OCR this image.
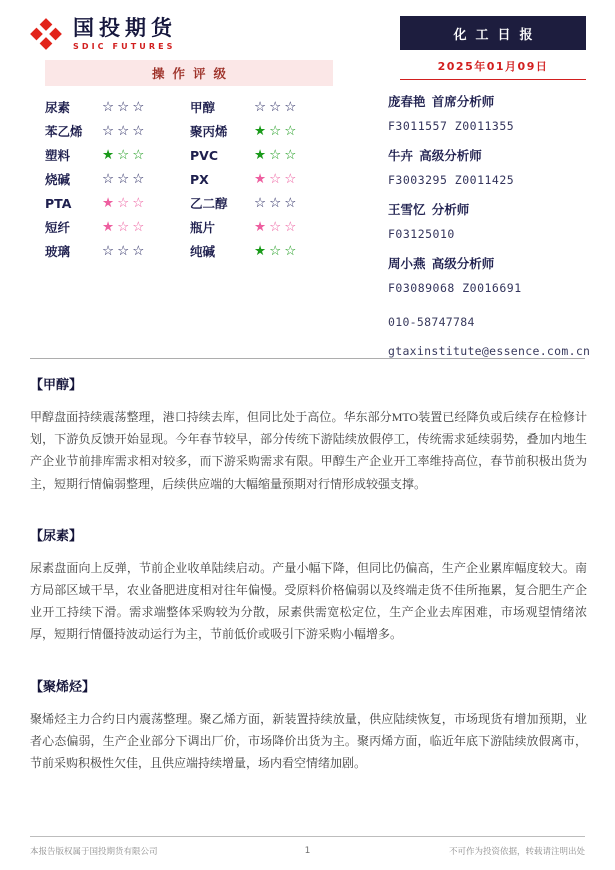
国投期货
SDIC FUTURES
化工日报
2025年01月09日
操作评级
尿素	☆☆☆	甲醇	☆☆☆
苯乙烯	☆☆☆	聚丙烯	★☆☆
塑料	★☆☆	PVC	★☆☆
烧碱	☆☆☆	PX	★☆☆
PTA	★☆☆	乙二醇	☆☆☆
短纤	★☆☆	瓶片	★☆☆
玻璃	☆☆☆	纯碱	★☆☆
庞春艳  首席分析师
F3011557 Z0011355
牛卉  高级分析师
F3003295 Z0011425
王雪忆  分析师
F03125010
周小燕  高级分析师
F03089068 Z0016691
010-58747784
gtaxinstitute@essence.com.cn
【甲醇】

甲醇盘面持续震荡整理，港口持续去库，但同比处于高位。华东部分MTO装置已经降负或后续存在检修计划，下游负反馈开始显现。今年春节较早，部分传统下游陆续放假停工，传统需求延续弱势，叠加内地生产企业节前排库需求相对较多，而下游采购需求有限。甲醇生产企业开工率维持高位，春节前积极出货为主，短期行情偏弱整理，后续供应端的大幅缩量预期对行情形成较强支撑。

【尿素】

尿素盘面向上反弹，节前企业收单陆续启动。产量小幅下降，但同比仍偏高，生产企业累库幅度较大。南方局部区域干旱，农业备肥进度相对往年偏慢。受原料价格偏弱以及终端走货不佳所拖累，复合肥生产企业开工持续下滑。需求端整体采购较为分散，尿素供需宽松定位，生产企业去库困难，市场观望情绪浓厚，短期行情僵持波动运行为主，节前低价或吸引下游采购小幅增多。

【聚烯烃】

聚烯烃主力合约日内震荡整理。聚乙烯方面，新装置持续放量，供应陆续恢复，市场现货有增加预期，业者心态偏弱，生产企业部分下调出厂价，市场降价出货为主。聚丙烯方面，临近年底下游陆续放假离市，节前采购积极性欠佳，且供应端持续增量，场内看空情绪加剧。

本报告版权属于国投期货有限公司	1	不可作为投资依据，转载请注明出处
